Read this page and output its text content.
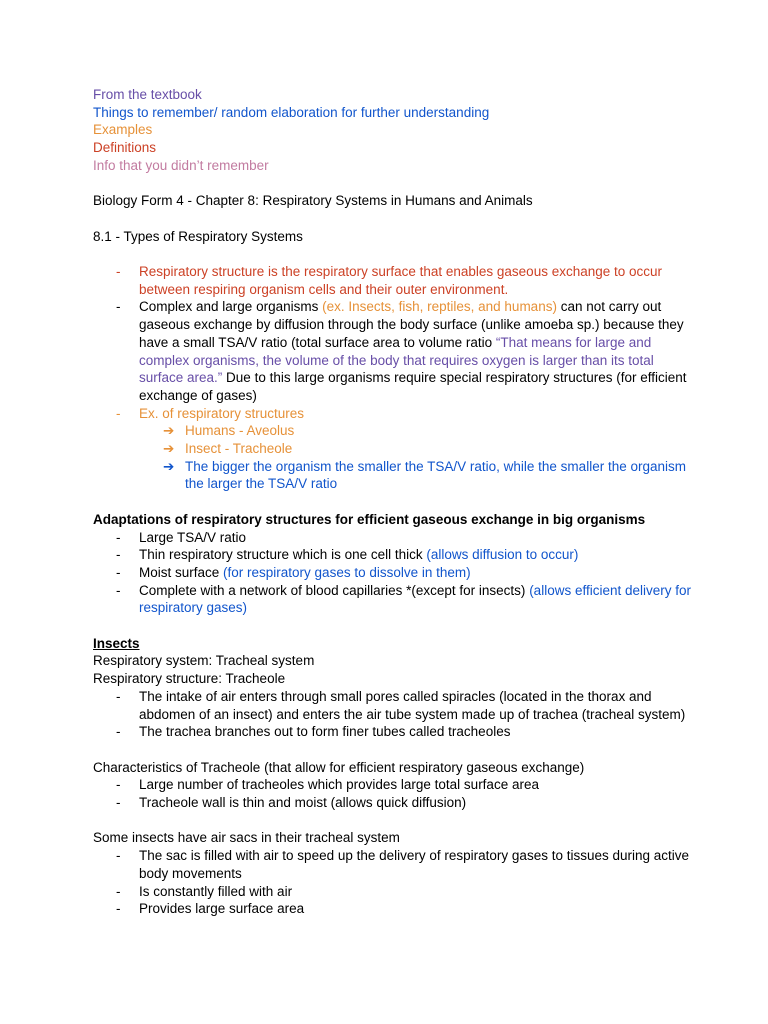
From the textbook

Things to remember/ random elaboration for further understanding

Examples

Definitions

Info that you didn’t remember

Biology Form 4 - Chapter 8: Respiratory Systems in Humans and Animals

8.1 - Types of Respiratory Systems

- Respiratory structure is the respiratory surface that enables gaseous exchange to occur between respiring organism cells and their outer environment.
- Complex and large organisms (ex. Insects, fish, reptiles, and humans) can not carry out gaseous exchange by diffusion through the body surface (unlike amoeba sp.) because they have a small TSA/V ratio (total surface area to volume ratio “That means for large and complex organisms, the volume of the body that requires oxygen is larger than its total surface area.” Due to this large organisms require special respiratory structures (for efficient exchange of gases)
- Ex. of respiratory structures
➔ Humans - Aveolus
➔ Insect - Tracheole
➔ The bigger the organism the smaller the TSA/V ratio, while the smaller the organism the larger the TSA/V ratio

Adaptations of respiratory structures for efficient gaseous exchange in big organisms

- Large TSA/V ratio
- Thin respiratory structure which is one cell thick (allows diffusion to occur)
- Moist surface (for respiratory gases to dissolve in them)
- Complete with a network of blood capillaries *(except for insects) (allows efficient delivery for respiratory gases)

Insects

Respiratory system: Tracheal system

Respiratory structure: Tracheole

- The intake of air enters through small pores called spiracles (located in the thorax and abdomen of an insect) and enters the air tube system made up of trachea (tracheal system)
- The trachea branches out to form finer tubes called tracheoles

Characteristics of Tracheole (that allow for efficient respiratory gaseous exchange)

- Large number of tracheoles which provides large total surface area
- Tracheole wall is thin and moist (allows quick diffusion)

Some insects have air sacs in their tracheal system

- The sac is filled with air to speed up the delivery of respiratory gases to tissues during active body movements
- Is constantly filled with air
- Provides large surface area
